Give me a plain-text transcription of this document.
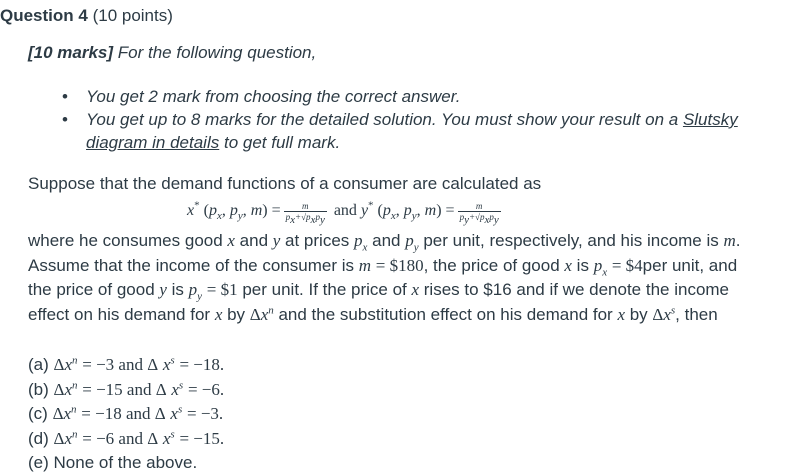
Question 4 (10 points)
[10 marks] For the following question,
• You get 2 mark from choosing the correct answer.
• You get up to 8 marks for the detailed solution. You must show your result on a Slutsky diagram in details to get full mark.
Suppose that the demand functions of a consumer are calculated as
x* ($p_x$, $p_y$, $m) = \frac{m}{p_x+√p_xp_y}$ and y* ($p_x$, $p_y$, $m) = \frac{m}{p_y+√p_xp_y}$
where he consumes good x and y at prices $p_x$ and $p_y$ per unit, respectively, and his income is m. Assume that the income of the consumer is m = $180, the price of good x is $p_x$ = $4per unit, and the price of good y is $p_y$ = $1 per unit. If the price of x rises to $16 and if we denote the income effect on his demand for x by $\Delta x^n$ and the substitution effect on his demand for x by $\Delta x^s$, then
(a) $\Delta x^n = -3$ and Δ $x^s = -18$.
(b) $\Delta x^n = -15$ and Δ $x^s = -6$.
(c) $\Delta x^n = -18$ and Δ $x^s = -3$.
(d) $\Delta x^n = -6$ and Δ $x^s = -15$.
(e) None of the above.
